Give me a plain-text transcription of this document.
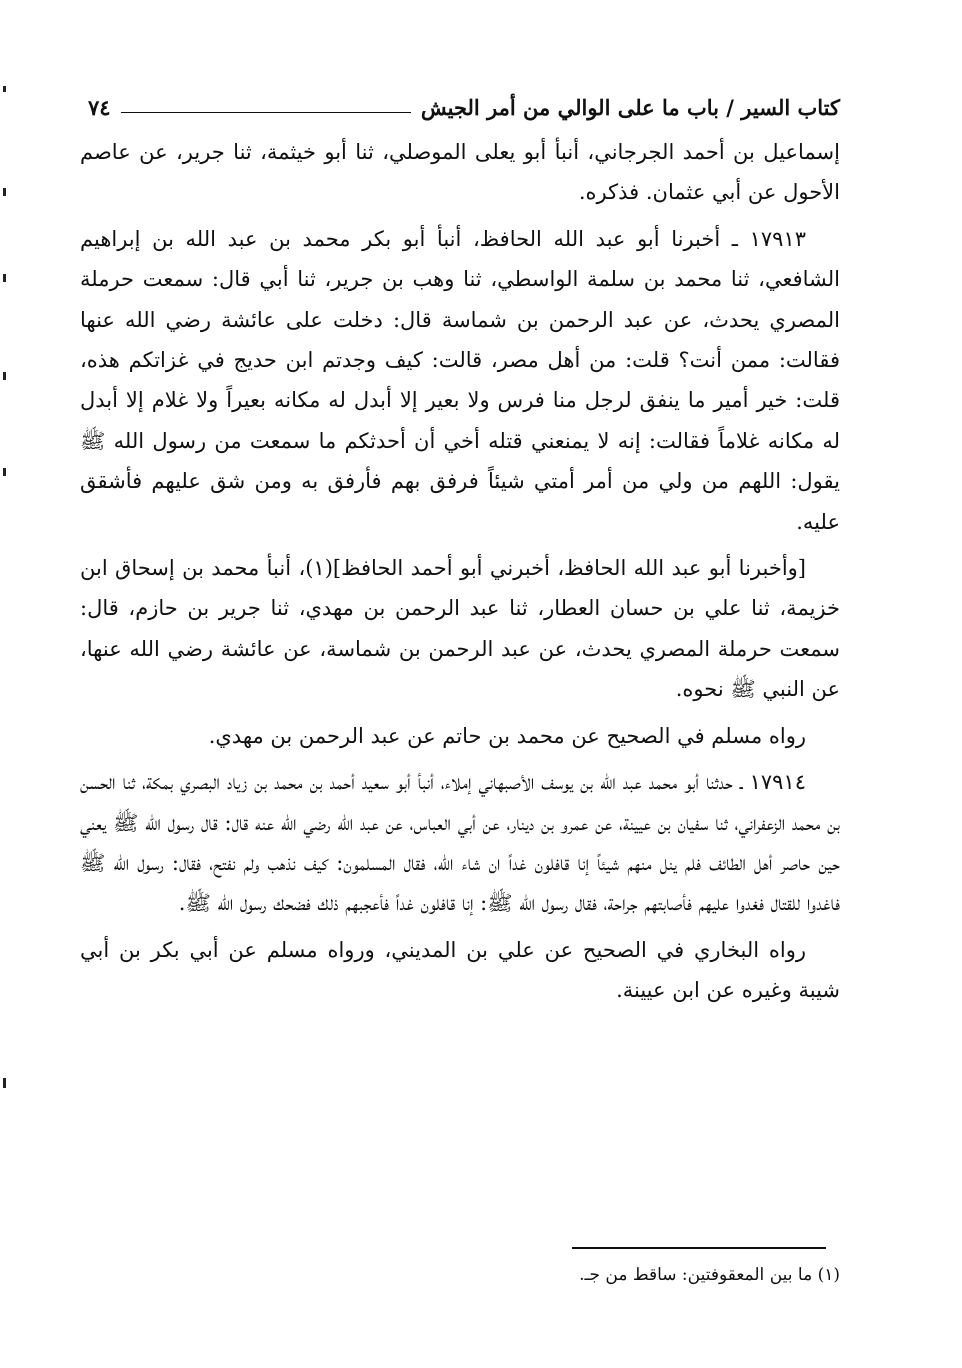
كتاب السير / باب ما على الوالي من أمر الجيش
٧٤

إسماعيل بن أحمد الجرجاني، أنبأ أبو يعلى الموصلي، ثنا أبو خيثمة، ثنا جرير، عن عاصم الأحول عن أبي عثمان. فذكره.

١٧٩١٣ ـ أخبرنا أبو عبد الله الحافظ، أنبأ أبو بكر محمد بن عبد الله بن إبراهيم الشافعي، ثنا محمد بن سلمة الواسطي، ثنا وهب بن جرير، ثنا أبي قال: سمعت حرملة المصري يحدث، عن عبد الرحمن بن شماسة قال: دخلت على عائشة رضي الله عنها فقالت: ممن أنت؟ قلت: من أهل مصر، قالت: كيف وجدتم ابن حديج في غزاتكم هذه، قلت: خير أمير ما ينفق لرجل منا فرس ولا بعير إلا أبدل له مكانه بعيراً ولا غلام إلا أبدل له مكانه غلاماً فقالت: إنه لا يمنعني قتله أخي أن أحدثكم ما سمعت من رسول الله ﷺ يقول: اللهم من ولي من أمر أمتي شيئاً فرفق بهم فأرفق به ومن شق عليهم فأشقق عليه.

[وأخبرنا أبو عبد الله الحافظ، أخبرني أبو أحمد الحافظ](١)، أنبأ محمد بن إسحاق ابن خزيمة، ثنا علي بن حسان العطار، ثنا عبد الرحمن بن مهدي، ثنا جرير بن حازم، قال: سمعت حرملة المصري يحدث، عن عبد الرحمن بن شماسة، عن عائشة رضي الله عنها، عن النبي ﷺ نحوه.

رواه مسلم في الصحيح عن محمد بن حاتم عن عبد الرحمن بن مهدي.

١٧٩١٤ ـ حدثنا أبو محمد عبد الله بن يوسف الأصبهاني إملاء، أنبأ أبو سعيد أحمد بن محمد بن زياد البصري بمكة، ثنا الحسن بن محمد الزعفراني، ثنا سفيان بن عيينة، عن عمرو بن دينار، عن أبي العباس، عن عبد الله رضي الله عنه قال: قال رسول الله ﷺ يعني حين حاصر أهل الطائف فلم ينل منهم شيئاً إنا قافلون غداً ان شاء الله، فقال المسلمون: كيف نذهب ولم نفتح، فقال: رسول الله ﷺ فاغدوا للقتال فغدوا عليهم فأصابتهم جراحة، فقال رسول الله ﷺ: إنا قافلون غداً فأعجبهم ذلك فضحك رسول الله ﷺ.

رواه البخاري في الصحيح عن علي بن المديني، ورواه مسلم عن أبي بكر بن أبي شيبة وغيره عن ابن عيينة.

(١) ما بين المعقوفتين: ساقط من جـ.
